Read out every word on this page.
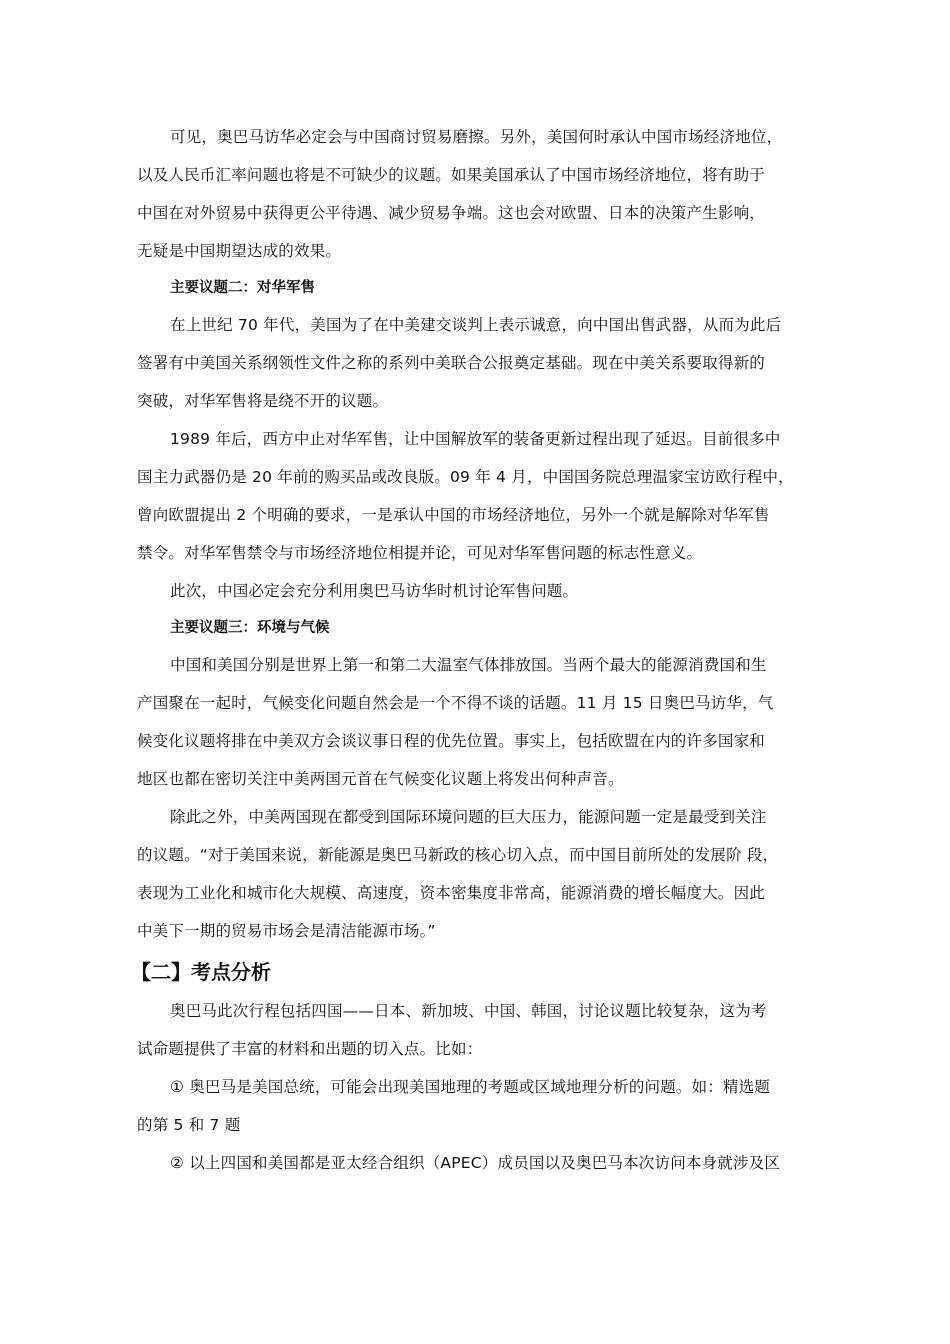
可见，奥巴马访华必定会与中国商讨贸易磨擦。另外，美国何时承认中国市场经济地位，
以及人民币汇率问题也将是不可缺少的议题。如果美国承认了中国市场经济地位，将有助于
中国在对外贸易中获得更公平待遇、减少贸易争端。这也会对欧盟、日本的决策产生影响，
无疑是中国期望达成的效果。

主要议题二：对华军售

在上世纪 70 年代，美国为了在中美建交谈判上表示诚意，向中国出售武器，从而为此后
签署有中美国关系纲领性文件之称的系列中美联合公报奠定基础。现在中美关系要取得新的
突破，对华军售将是绕不开的议题。

1989 年后，西方中止对华军售，让中国解放军的装备更新过程出现了延迟。目前很多中
国主力武器仍是 20 年前的购买品或改良版。09 年 4 月，中国国务院总理温家宝访欧行程中，
曾向欧盟提出 2 个明确的要求，一是承认中国的市场经济地位，另外一个就是解除对华军售
禁令。对华军售禁令与市场经济地位相提并论，可见对华军售问题的标志性意义。

此次，中国必定会充分利用奥巴马访华时机讨论军售问题。

主要议题三：环境与气候

中国和美国分别是世界上第一和第二大温室气体排放国。当两个最大的能源消费国和生
产国聚在一起时，气候变化问题自然会是一个不得不谈的话题。11 月 15 日奥巴马访华，气
候变化议题将排在中美双方会谈议事日程的优先位置。事实上，包括欧盟在内的许多国家和
地区也都在密切关注中美两国元首在气候变化议题上将发出何种声音。

除此之外，中美两国现在都受到国际环境问题的巨大压力，能源问题一定是最受到关注
的议题。“对于美国来说，新能源是奥巴马新政的核心切入点，而中国目前所处的发展阶 段，
表现为工业化和城市化大规模、高速度，资本密集度非常高，能源消费的增长幅度大。因此
中美下一期的贸易市场会是清洁能源市场。”

【二】考点分析

奥巴马此次行程包括四国——日本、新加坡、中国、韩国，讨论议题比较复杂，这为考
试命题提供了丰富的材料和出题的切入点。比如：

① 奥巴马是美国总统，可能会出现美国地理的考题或区域地理分析的问题。如：精选题
的第 5 和 7 题

② 以上四国和美国都是亚太经合组织（APEC）成员国以及奥巴马本次访问本身就涉及区
